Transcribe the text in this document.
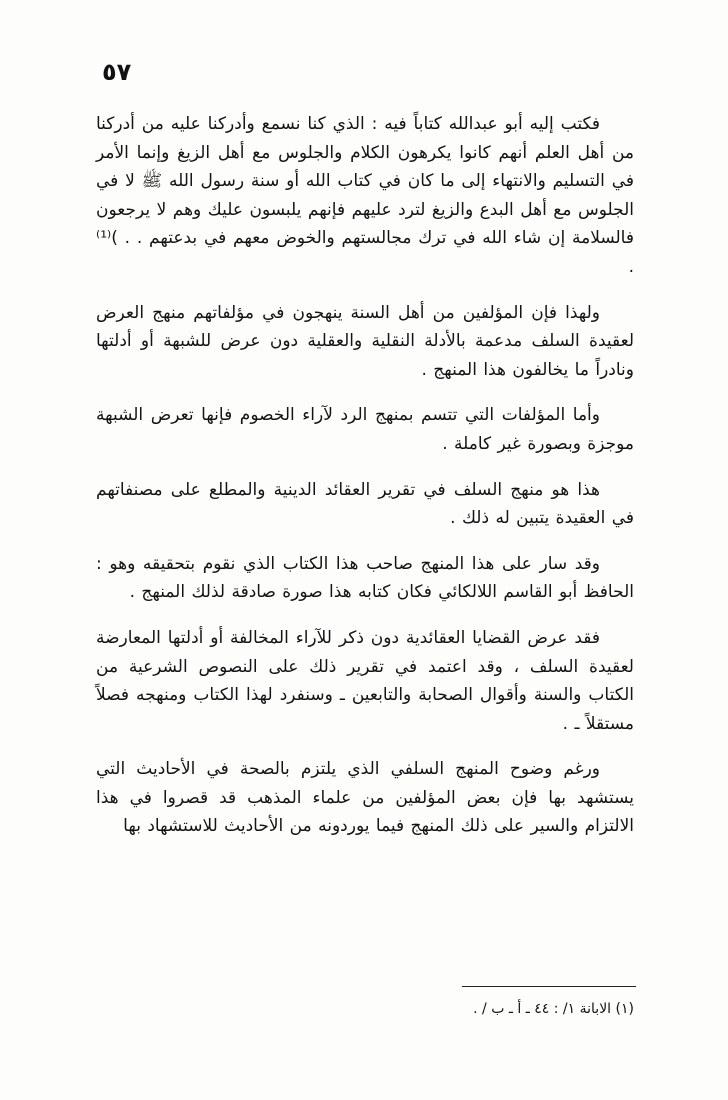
٥٧

فكتب إليه أبو عبدالله كتاباً فيه : الذي كنا نسمع وأدركنا عليه من أدركنا من أهل العلم أنهم كانوا يكرهون الكلام والجلوس مع أهل الزيغ وإنما الأمر في التسليم والانتهاء إلى ما كان في كتاب الله أو سنة رسول الله ﷺ لا في الجلوس مع أهل البدع والزيغ لترد عليهم فإنهم يلبسون عليك وهم لا يرجعون فالسلامة إن شاء الله في ترك مجالستهم والخوض معهم في بدعتهم . . )⁽¹⁾ .

ولهذا فإن المؤلفين من أهل السنة ينهجون في مؤلفاتهم منهج العرض لعقيدة السلف مدعمة بالأدلة النقلية والعقلية دون عرض للشبهة أو أدلتها ونادراً ما يخالفون هذا المنهج .

وأما المؤلفات التي تتسم بمنهج الرد لآراء الخصوم فإنها تعرض الشبهة موجزة وبصورة غير كاملة .

هذا هو منهج السلف في تقرير العقائد الدينية والمطلع على مصنفاتهم في العقيدة يتبين له ذلك .

وقد سار على هذا المنهج صاحب هذا الكتاب الذي نقوم بتحقيقه وهو : الحافظ أبو القاسم اللالكائي فكان كتابه هذا صورة صادقة لذلك المنهج .

فقد عرض القضايا العقائدية دون ذكر للآراء المخالفة أو أدلتها المعارضة لعقيدة السلف ، وقد اعتمد في تقرير ذلك على النصوص الشرعية من الكتاب والسنة وأقوال الصحابة والتابعين ـ وسنفرد لهذا الكتاب ومنهجه فصلاً مستقلاً ـ .

ورغم وضوح المنهج السلفي الذي يلتزم بالصحة في الأحاديث التي يستشهد بها فإن بعض المؤلفين من علماء المذهب قد قصروا في هذا الالتزام والسير على ذلك المنهج فيما يوردونه من الأحاديث للاستشهاد بها

(١) الابانة ١/ : ٤٤ ـ أ ـ ب / .
